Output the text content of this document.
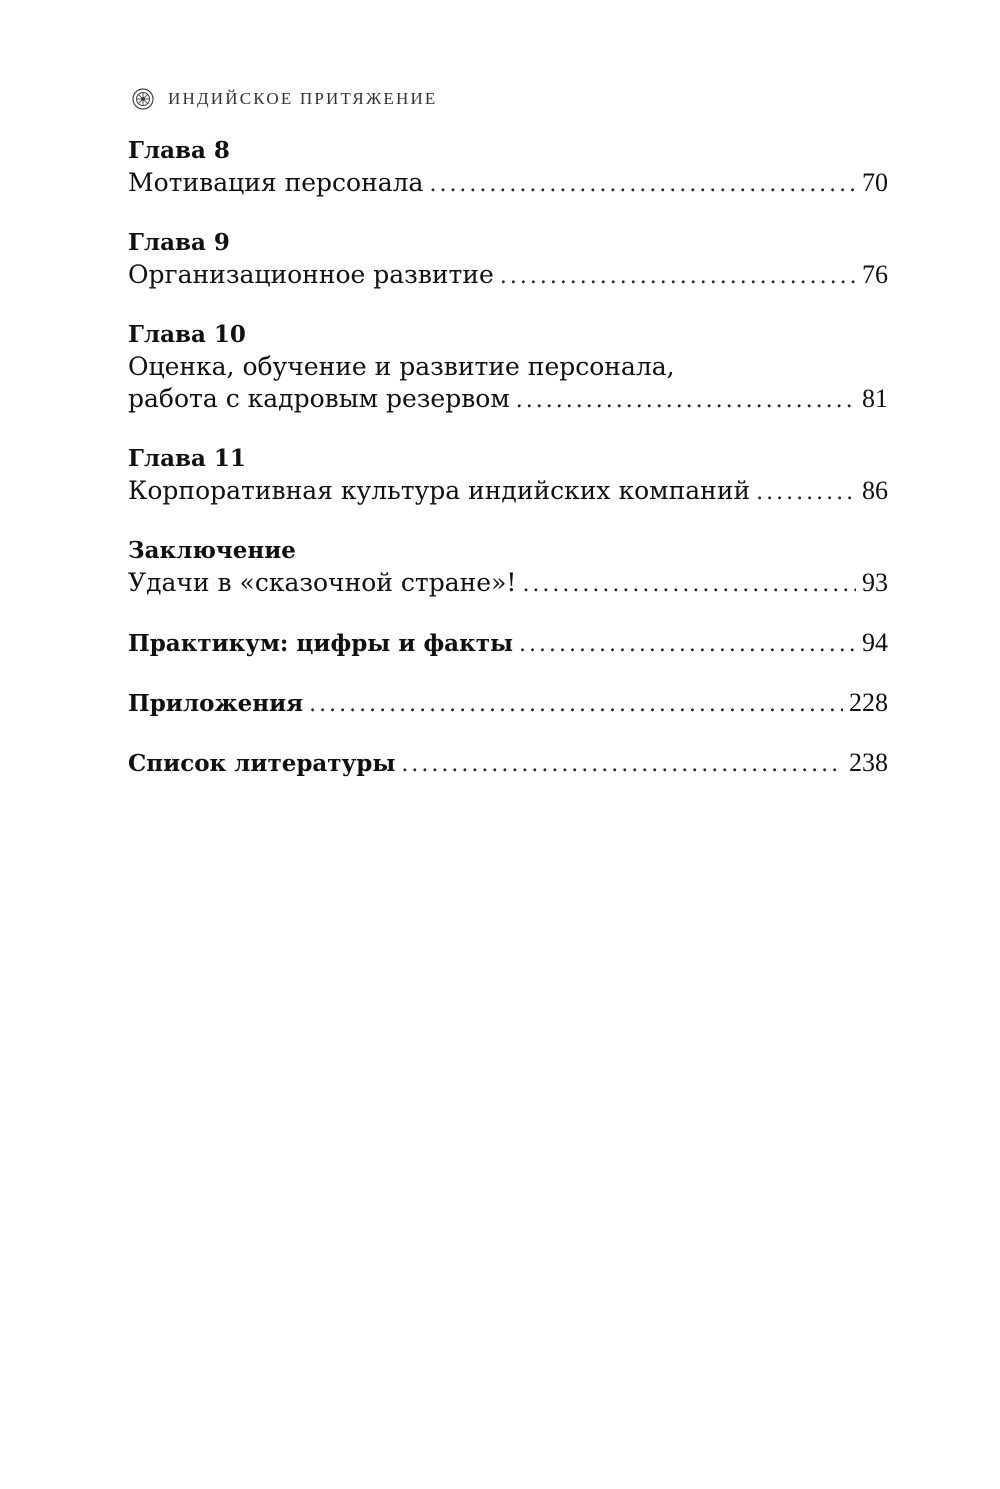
ИНДИЙСКОЕ ПРИТЯЖЕНИЕ
Глава 8
Мотивация персонала .....	70
Глава 9
Организационное развитие .....	76
Глава 10
Оценка, обучение и развитие персонала,
работа с кадровым резервом .....	81
Глава 11
Корпоративная культура индийских компаний .....	86
Заключение
Удачи в «сказочной стране»! .....	93
Практикум: цифры и факты .....	94
Приложения .....	228
Список литературы .....	238
